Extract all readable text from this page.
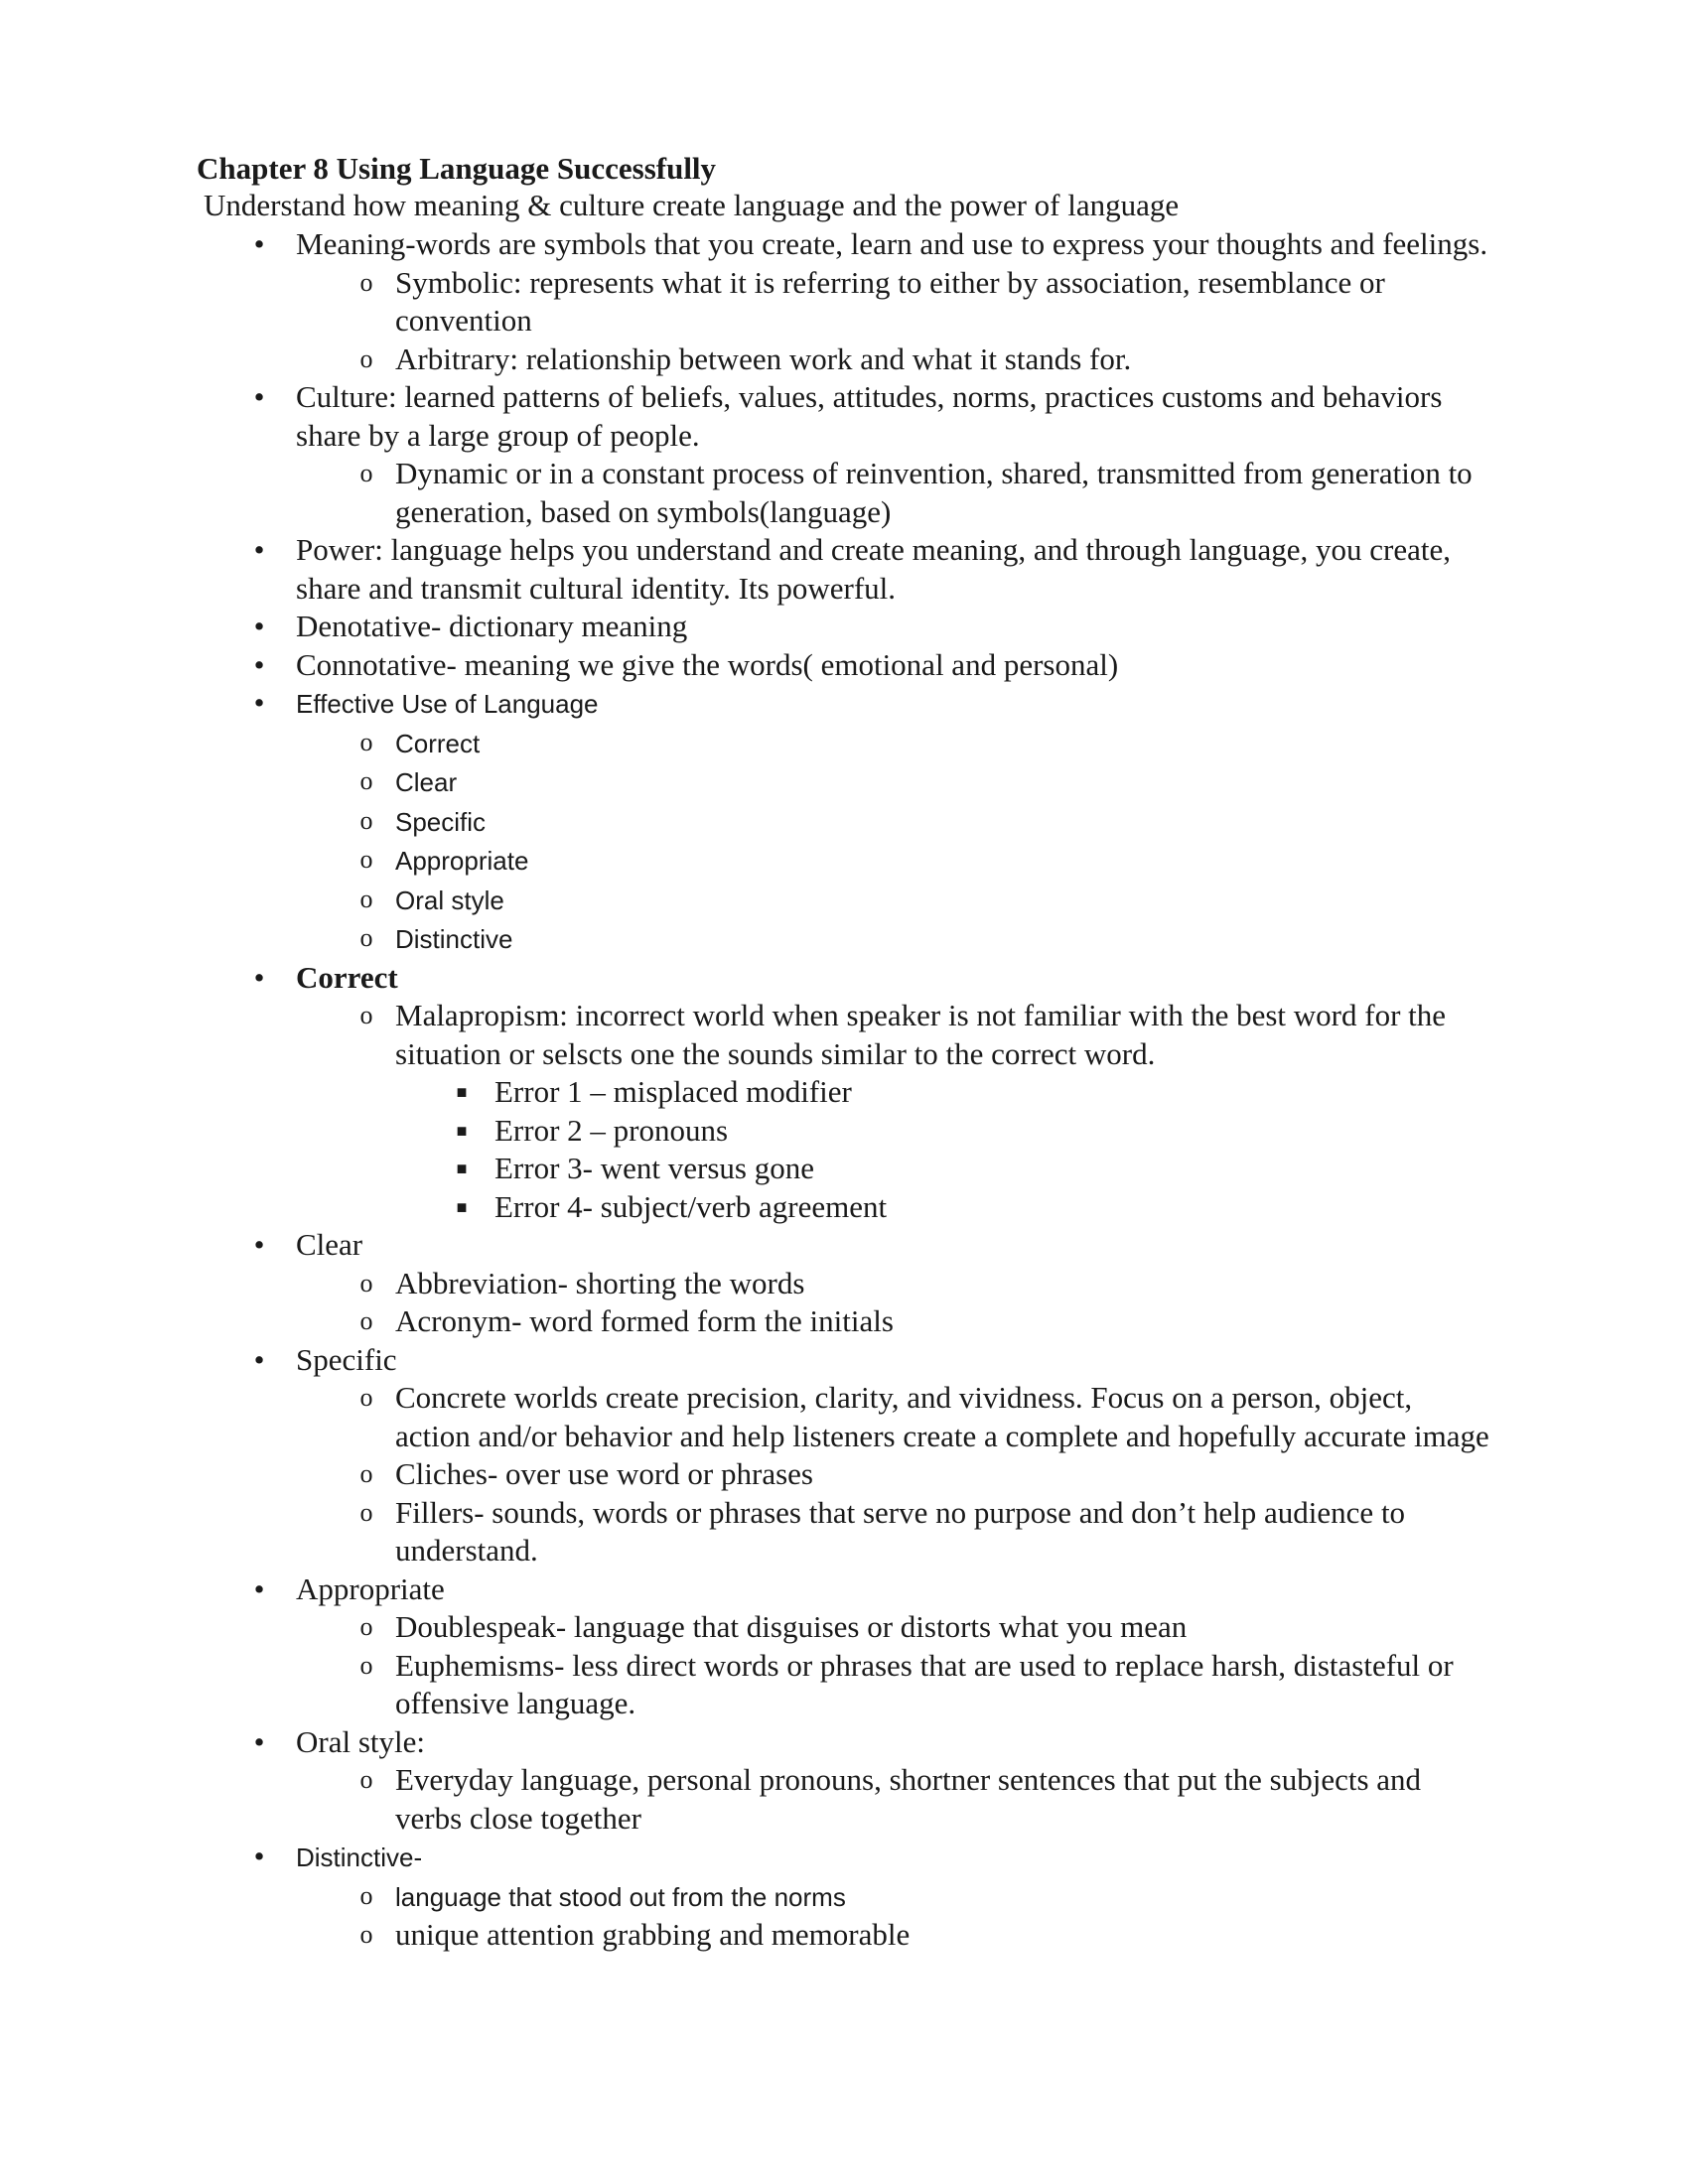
Chapter 8 Using Language Successfully
Understand how meaning & culture create language and the power of language
•	Meaning-words are symbols that you create, learn and use to express your thoughts and feelings.
o Symbolic: represents what it is referring to either by association, resemblance or convention
o Arbitrary: relationship between work and what it stands for.
•	Culture: learned patterns of beliefs, values, attitudes, norms, practices customs and behaviors share by a large group of people.
o Dynamic or in a constant process of reinvention, shared, transmitted from generation to generation, based on symbols(language)
•	Power: language helps you understand and create meaning, and through language, you create, share and transmit cultural identity. Its powerful.
•	Denotative- dictionary meaning
•	Connotative- meaning we give the words( emotional and personal)
•	Effective Use of Language
o Correct
o Clear
o Specific
o Appropriate
o Oral style
o Distinctive
•	Correct
o Malapropism: incorrect world when speaker is not familiar with the best word for the situation or selscts one the sounds similar to the correct word.
■ Error 1 – misplaced modifier
■ Error 2 – pronouns
■ Error 3- went versus gone
■ Error 4- subject/verb agreement
•	Clear
o Abbreviation- shorting the words
o Acronym- word formed form the initials
•	Specific
o Concrete worlds create precision, clarity, and vividness. Focus on a person, object, action and/or behavior and help listeners create a complete and hopefully accurate image
o Cliches- over use word or phrases
o Fillers- sounds, words or phrases that serve no purpose and don’t help audience to understand.
•	Appropriate
o Doublespeak- language that disguises or distorts what you mean
o Euphemisms- less direct words or phrases that are used to replace harsh, distasteful or offensive language.
•	Oral style:
o Everyday language, personal pronouns, shortner sentences that put the subjects and verbs close together
•	Distinctive-
o language that stood out from the norms
o unique attention grabbing and memorable
